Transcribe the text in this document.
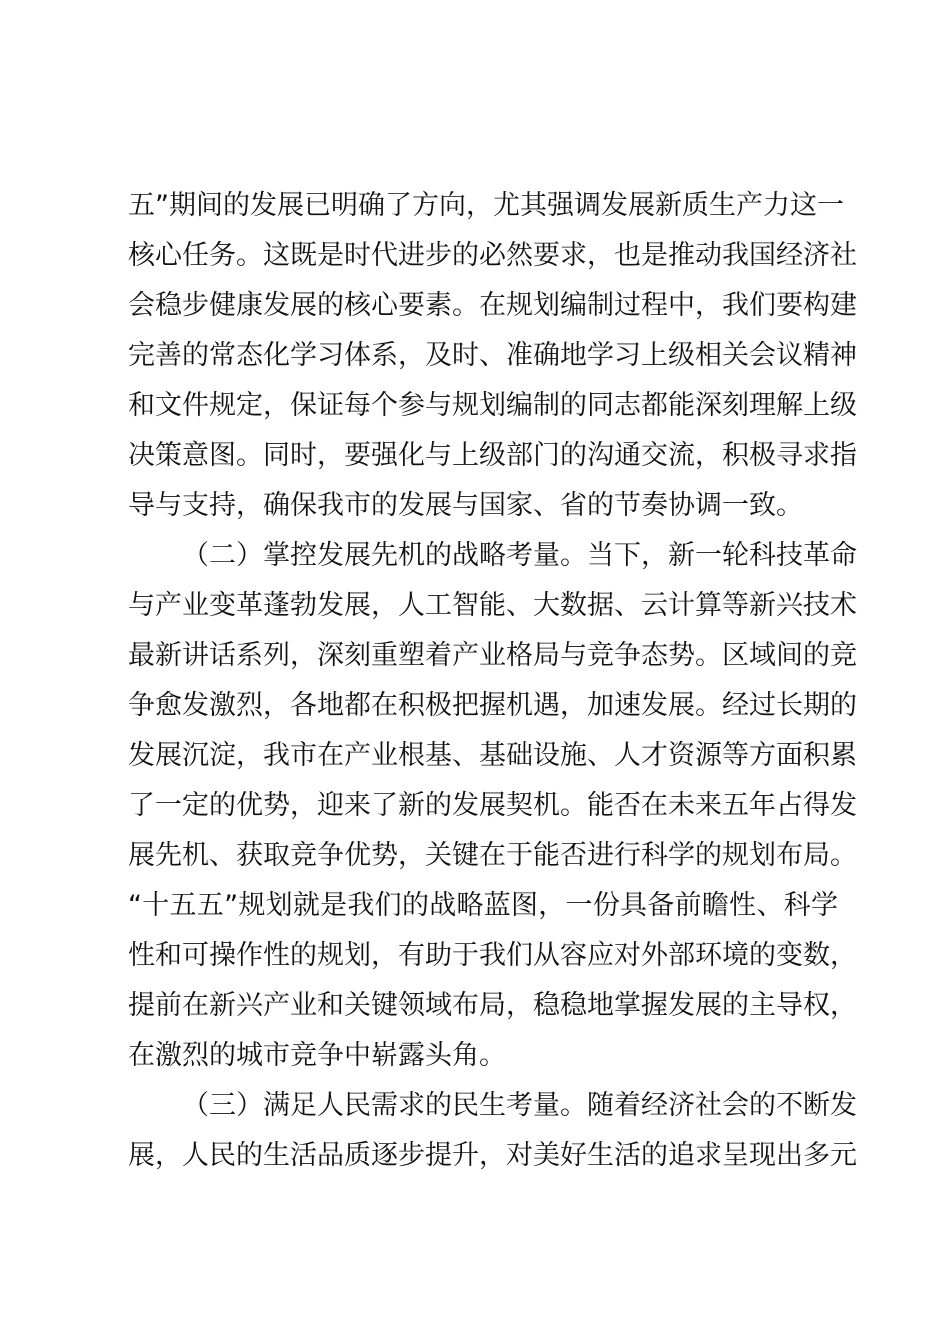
五”期间的发展已明确了方向，尤其强调发展新质生产力这一
核心任务。这既是时代进步的必然要求，也是推动我国经济社
会稳步健康发展的核心要素。在规划编制过程中，我们要构建
完善的常态化学习体系，及时、准确地学习上级相关会议精神
和文件规定，保证每个参与规划编制的同志都能深刻理解上级
决策意图。同时，要强化与上级部门的沟通交流，积极寻求指
导与支持，确保我市的发展与国家、省的节奏协调一致。
（二）掌控发展先机的战略考量。当下，新一轮科技革命
与产业变革蓬勃发展，人工智能、大数据、云计算等新兴技术
最新讲话系列，深刻重塑着产业格局与竞争态势。区域间的竞
争愈发激烈，各地都在积极把握机遇，加速发展。经过长期的
发展沉淀，我市在产业根基、基础设施、人才资源等方面积累
了一定的优势，迎来了新的发展契机。能否在未来五年占得发
展先机、获取竞争优势，关键在于能否进行科学的规划布局。
“十五五”规划就是我们的战略蓝图，一份具备前瞻性、科学
性和可操作性的规划，有助于我们从容应对外部环境的变数，
提前在新兴产业和关键领域布局，稳稳地掌握发展的主导权，
在激烈的城市竞争中崭露头角。
（三）满足人民需求的民生考量。随着经济社会的不断发
展，人民的生活品质逐步提升，对美好生活的追求呈现出多元
